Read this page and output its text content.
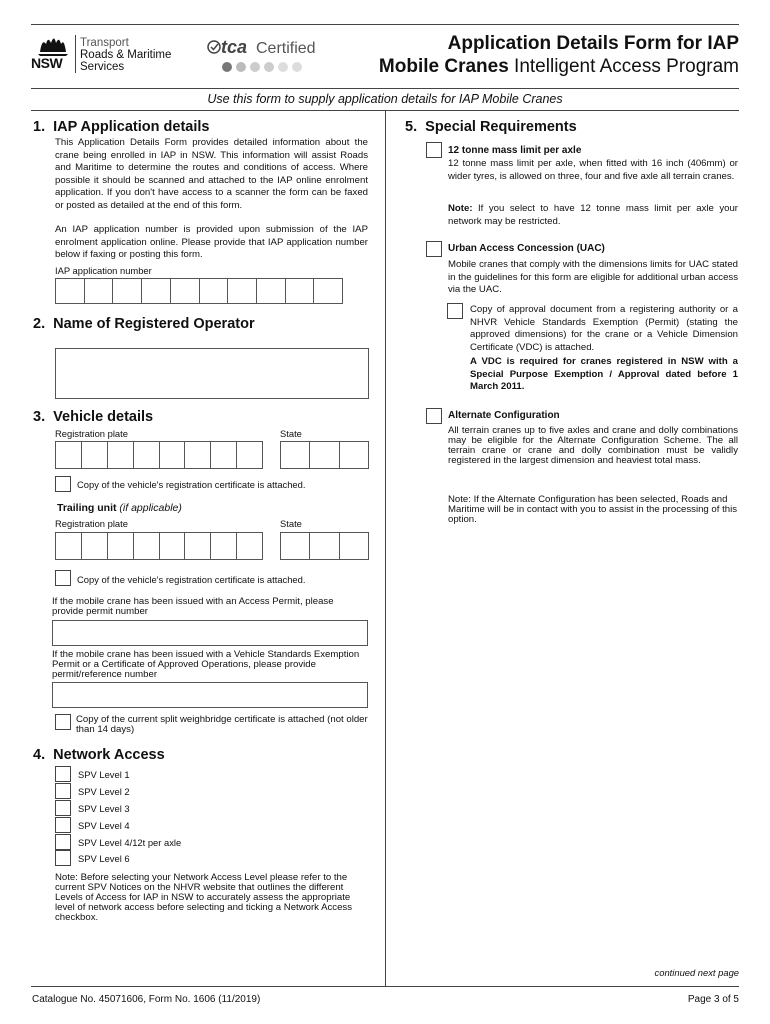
NSW
Transport
Roads & Maritime
Services
tca Certified	Application Details Form for IAP
Mobile Cranes Intelligent Access Program
Use this form to supply application details for IAP Mobile Cranes
1.  IAP Application details
This Application Details Form provides detailed information about the crane being enrolled in IAP in NSW. This information will assist Roads and Maritime to determine the routes and conditions of access. Where possible it should be scanned and attached to the IAP online enrolment application. If you don't have access to a scanner the form can be faxed or posted as detailed at the end of this form.
An IAP application number is provided upon submission of the IAP enrolment application online. Please provide that IAP application number below if faxing or posting this form.
IAP application number
2.  Name of Registered Operator
3.  Vehicle details
Registration plate	State
Copy of the vehicle's registration certificate is attached.
Trailing unit (if applicable)
Registration plate	State
Copy of the vehicle's registration certificate is attached.
If the mobile crane has been issued with an Access Permit, please provide permit number
If the mobile crane has been issued with a Vehicle Standards Exemption Permit or a Certificate of Approved Operations, please provide permit/reference number
Copy of the current split weighbridge certificate is attached (not older than 14 days)
4.  Network Access
SPV Level 1
SPV Level 2
SPV Level 3
SPV Level 4
SPV Level 4/12t per axle
SPV Level 6
Note: Before selecting your Network Access Level please refer to the current SPV Notices on the NHVR website that outlines the different Levels of Access for IAP in NSW to accurately assess the appropriate level of network access before selecting and ticking a Network Access checkbox.
5.  Special Requirements
12 tonne mass limit per axle
12 tonne mass limit per axle, when fitted with 16 inch (406mm) or wider tyres, is allowed on three, four and five axle all terrain cranes.
Note: If you select to have 12 tonne mass limit per axle your network may be restricted.
Urban Access Concession (UAC)
Mobile cranes that comply with the dimensions limits for UAC stated in the guidelines for this form are eligible for additional urban access via the UAC.
Copy of approval document from a registering authority or a NHVR Vehicle Standards Exemption (Permit) (stating the approved dimensions) for the crane or a Vehicle Dimension Certificate (VDC) is attached.
A VDC is required for cranes registered in NSW with a Special Purpose Exemption / Approval dated before 1 March 2011.
Alternate Configuration
All terrain cranes up to five axles and crane and dolly combinations may be eligible for the Alternate Configuration Scheme. The all terrain crane or crane and dolly combination must be validly registered in the largest dimension and heaviest total mass.
Note: If the Alternate Configuration has been selected, Roads and Maritime will be in contact with you to assist in the processing of this option.
continued next page
Catalogue No. 45071606, Form No. 1606 (11/2019)	Page 3 of 5
